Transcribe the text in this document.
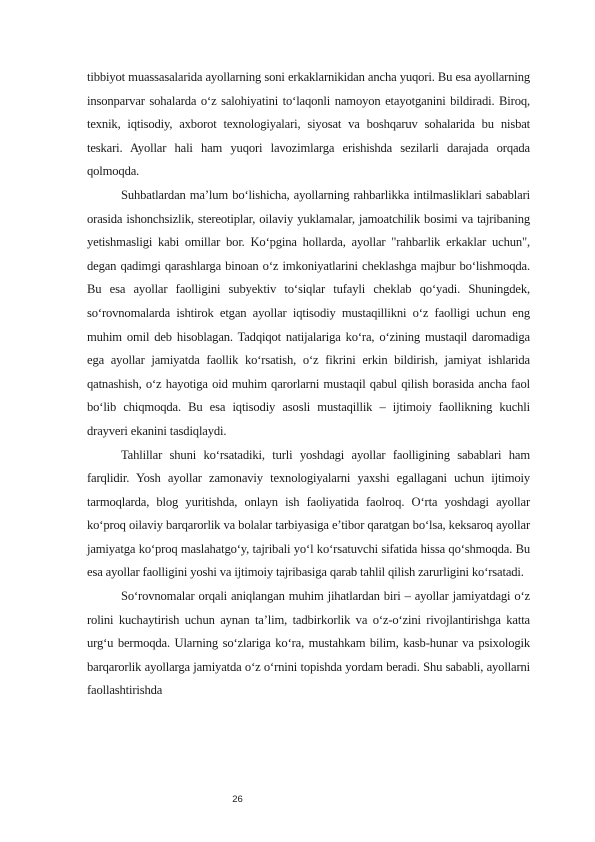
tibbiyot muassasalarida ayollarning soni erkaklarnikidan ancha yuqori. Bu esa ayollarning insonparvar sohalarda o‘z salohiyatini to‘laqonli namoyon etayotganini bildiradi. Biroq, texnik, iqtisodiy, axborot texnologiyalari, siyosat va boshqaruv sohalarida bu nisbat teskari. Ayollar hali ham yuqori lavozimlarga erishishda sezilarli darajada orqada qolmoqda.

Suhbatlardan ma’lum bo‘lishicha, ayollarning rahbarlikka intilmasliklari sabablari orasida ishonchsizlik, stereotiplar, oilaviy yuklamalar, jamoatchilik bosimi va tajribaning yetishmasligi kabi omillar bor. Ko‘pgina hollarda, ayollar "rahbarlik erkaklar uchun", degan qadimgi qarashlarga binoan o‘z imkoniyatlarini cheklashga majbur bo‘lishmoqda. Bu esa ayollar faolligini subyektiv to‘siqlar tufayli cheklab qo‘yadi. Shuningdek, so‘rovnomalarda ishtirok etgan ayollar iqtisodiy mustaqillikni o‘z faolligi uchun eng muhim omil deb hisoblagan. Tadqiqot natijalariga ko‘ra, o‘zining mustaqil daromadiga ega ayollar jamiyatda faollik ko‘rsatish, o‘z fikrini erkin bildirish, jamiyat ishlarida qatnashish, o‘z hayotiga oid muhim qarorlarni mustaqil qabul qilish borasida ancha faol bo‘lib chiqmoqda. Bu esa iqtisodiy asosli mustaqillik – ijtimoiy faollikning kuchli drayveri ekanini tasdiqlaydi.

Tahlillar shuni ko‘rsatadiki, turli yoshdagi ayollar faolligining sabablari ham farqlidir. Yosh ayollar zamonaviy texnologiyalarni yaxshi egallagani uchun ijtimoiy tarmoqlarda, blog yuritishda, onlayn ish faoliyatida faolroq. O‘rta yoshdagi ayollar ko‘proq oilaviy barqarorlik va bolalar tarbiyasiga e’tibor qaratgan bo‘lsa, keksaroq ayollar jamiyatga ko‘proq maslahatgo‘y, tajribali yo‘l ko‘rsatuvchi sifatida hissa qo‘shmoqda. Bu esa ayollar faolligini yoshi va ijtimoiy tajribasiga qarab tahlil qilish zarurligini ko‘rsatadi.

So‘rovnomalar orqali aniqlangan muhim jihatlardan biri – ayollar jamiyatdagi o‘z rolini kuchaytirish uchun aynan ta’lim, tadbirkorlik va o‘z-o‘zini rivojlantirishga katta urg‘u bermoqda. Ularning so‘zlariga ko‘ra, mustahkam bilim, kasb-hunar va psixologik barqarorlik ayollarga jamiyatda o‘z o‘rnini topishda yordam beradi. Shu sababli, ayollarni faollashtirishda

26
